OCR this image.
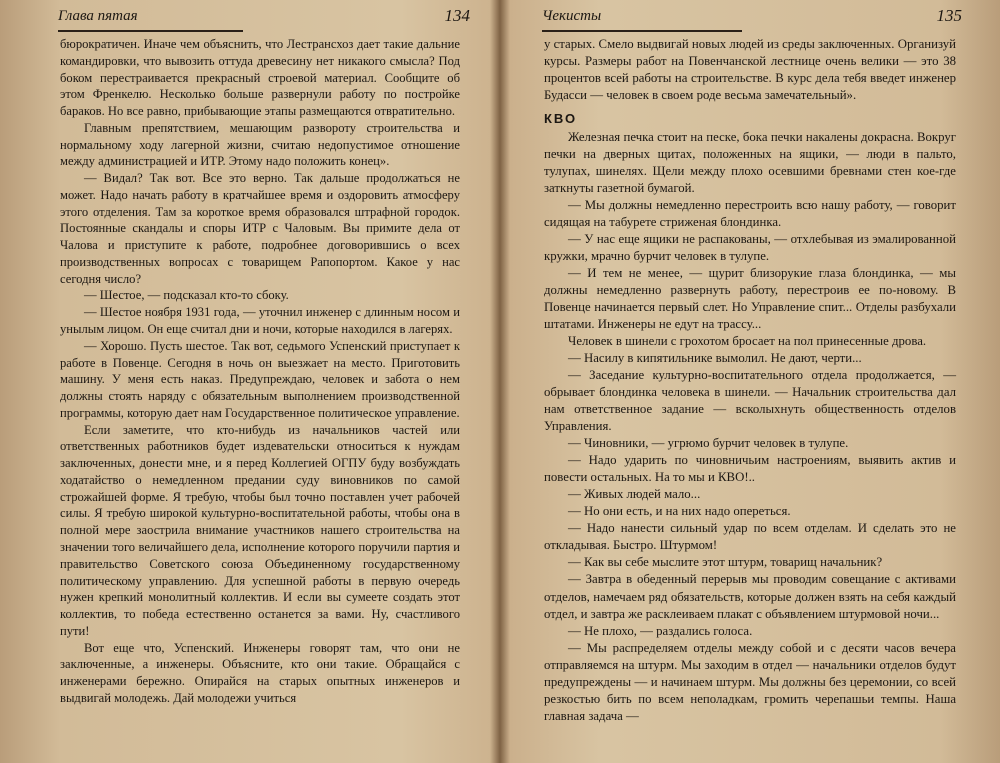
Глава пятая	134

бюрократичен. Иначе чем объяснить, что Лестрансхоз дает такие дальние командировки, что вывозить оттуда древесину нет никакого смысла? Под боком перестраивается прекрасный строевой материал. Сообщите об этом Френкелю. Несколько больше развернули работу по постройке бараков. Но все равно, прибывающие этапы размещаются отвратительно.

Главным препятствием, мешающим развороту строительства и нормальному ходу лагерной жизни, считаю недопустимое отношение между администрацией и ИТР. Этому надо положить конец».

— Видал? Так вот. Все это верно. Так дальше продолжаться не может. Надо начать работу в кратчайшее время и оздоровить атмосферу этого отделения. Там за короткое время образовался штрафной городок. Постоянные скандалы и споры ИТР с Чаловым. Вы примите дела от Чалова и приступите к работе, подробнее договорившись о всех производственных вопросах с товарищем Рапопортом. Какое у нас сегодня число?

— Шестое, — подсказал кто-то сбоку.

— Шестое ноября 1931 года, — уточнил инженер с длинным носом и унылым лицом. Он еще считал дни и ночи, которые находился в лагерях.

— Хорошо. Пусть шестое. Так вот, седьмого Успенский приступает к работе в Повенце. Сегодня в ночь он выезжает на место. Приготовить машину. У меня есть наказ. Предупреждаю, человек и забота о нем должны стоять наряду с обязательным выполнением производственной программы, которую дает нам Государственное политическое управление.

Если заметите, что кто-нибудь из начальников частей или ответственных работников будет издевательски относиться к нуждам заключенных, донести мне, и я перед Коллегией ОГПУ буду возбуждать ходатайство о немедленном предании суду виновников по самой строжайшей форме. Я требую, чтобы был точно поставлен учет рабочей силы. Я требую широкой культурно-воспитательной работы, чтобы она в полной мере заострила внимание участников нашего строительства на значении того величайшего дела, исполнение которого поручили партия и правительство Советского союза Объединенному государственному политическому управлению. Для успешной работы в первую очередь нужен крепкий монолитный коллектив. И если вы сумеете создать этот коллектив, то победа естественно останется за вами. Ну, счастливого пути!

Вот еще что, Успенский. Инженеры говорят там, что они не заключенные, а инженеры. Объясните, кто они такие. Обращайся с инженерами бережно. Опирайся на старых опытных инженеров и выдвигай молодежь. Дай молодежи учиться

Чекисты	135

у старых. Смело выдвигай новых людей из среды заключенных. Организуй курсы. Размеры работ на Повенчанской лестнице очень велики — это 38 процентов всей работы на строительстве. В курс дела тебя введет инженер Будасси — человек в своем роде весьма замечательный».

КВО

Железная печка стоит на песке, бока печки накалены докрасна. Вокруг печки на дверных щитах, положенных на ящики, — люди в пальто, тулупах, шинелях. Щели между плохо осевшими бревнами стен кое-где заткнуты газетной бумагой.

— Мы должны немедленно перестроить всю нашу работу, — говорит сидящая на табурете стриженая блондинка.

— У нас еще ящики не распакованы, — отхлебывая из эмалированной кружки, мрачно бурчит человек в тулупе.

— И тем не менее, — щурит близорукие глаза блондинка, — мы должны немедленно развернуть работу, перестроив ее по-новому. В Повенце начинается первый слет. Но Управление спит... Отделы разбухали штатами. Инженеры не едут на трассу...

Человек в шинели с грохотом бросает на пол принесенные дрова.

— Насилу в кипятильнике вымолил. Не дают, черти...

— Заседание культурно-воспитательного отдела продолжается, — обрывает блондинка человека в шинели. — Начальник строительства дал нам ответственное задание — всколыхнуть общественность отделов Управления.

— Чиновники, — угрюмо бурчит человек в тулупе.

— Надо ударить по чиновничьим настроениям, выявить актив и повести остальных. На то мы и КВО!..

— Живых людей мало...

— Но они есть, и на них надо опереться.

— Надо нанести сильный удар по всем отделам. И сделать это не откладывая. Быстро. Штурмом!

— Как вы себе мыслите этот штурм, товарищ начальник?

— Завтра в обеденный перерыв мы проводим совещание с активами отделов, намечаем ряд обязательств, которые должен взять на себя каждый отдел, и завтра же расклеиваем плакат с объявлением штурмовой ночи...

— Не плохо, — раздались голоса.

— Мы распределяем отделы между собой и с десяти часов вечера отправляемся на штурм. Мы заходим в отдел — начальники отделов будут предупреждены — и начинаем штурм. Мы должны без церемонии, со всей резкостью бить по всем неполадкам, громить черепашьи темпы. Наша главная задача —
